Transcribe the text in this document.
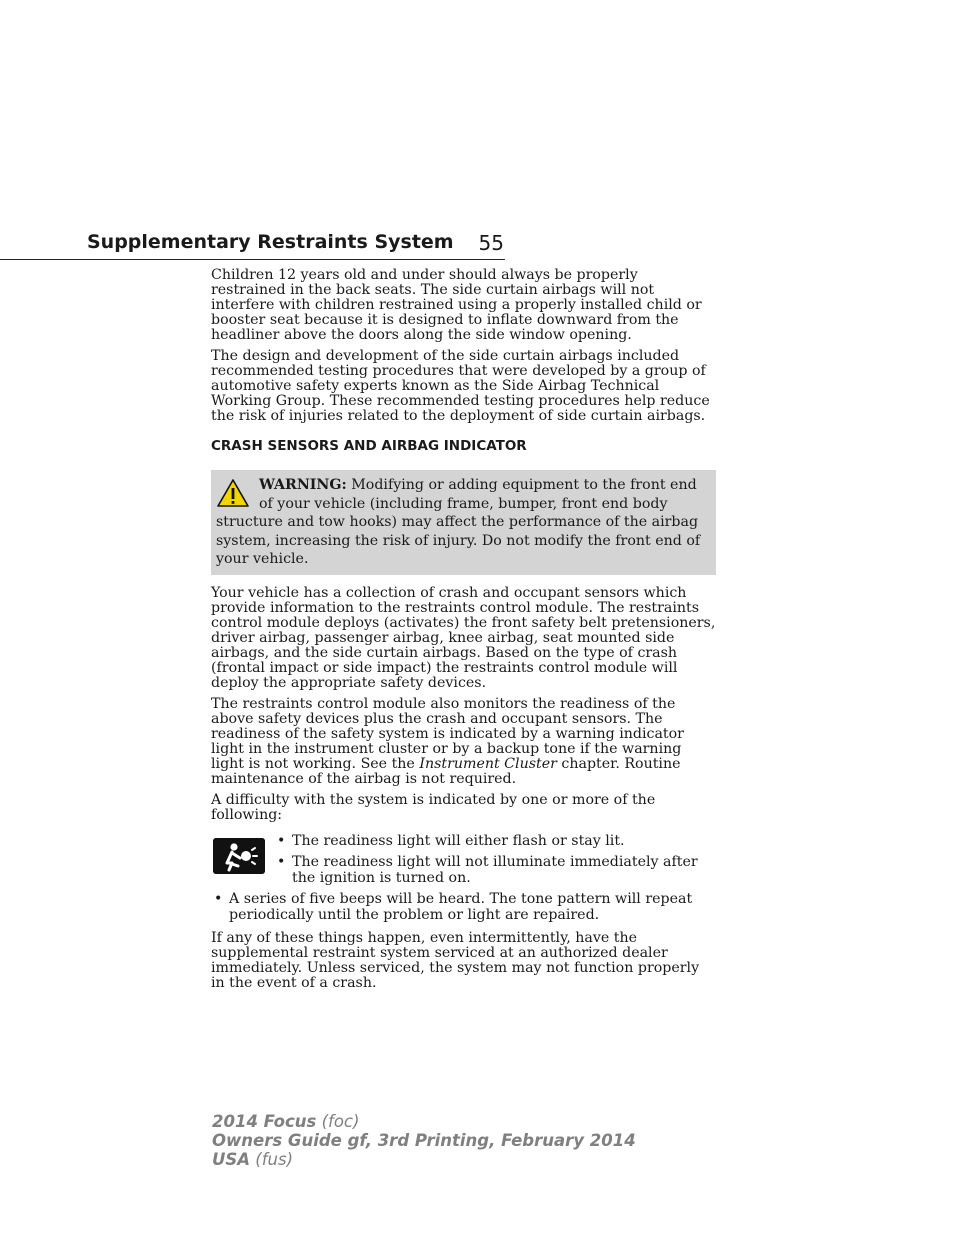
Supplementary Restraints System 55

Children 12 years old and under should always be properly restrained in the back seats. The side curtain airbags will not interfere with children restrained using a properly installed child or booster seat because it is designed to inflate downward from the headliner above the doors along the side window opening.

The design and development of the side curtain airbags included recommended testing procedures that were developed by a group of automotive safety experts known as the Side Airbag Technical Working Group. These recommended testing procedures help reduce the risk of injuries related to the deployment of side curtain airbags.

CRASH SENSORS AND AIRBAG INDICATOR
WARNING: Modifying or adding equipment to the front end of your vehicle (including frame, bumper, front end body structure and tow hooks) may affect the performance of the airbag system, increasing the risk of injury. Do not modify the front end of your vehicle.

Your vehicle has a collection of crash and occupant sensors which provide information to the restraints control module. The restraints control module deploys (activates) the front safety belt pretensioners, driver airbag, passenger airbag, knee airbag, seat mounted side airbags, and the side curtain airbags. Based on the type of crash (frontal impact or side impact) the restraints control module will deploy the appropriate safety devices.

The restraints control module also monitors the readiness of the above safety devices plus the crash and occupant sensors. The readiness of the safety system is indicated by a warning indicator light in the instrument cluster or by a backup tone if the warning light is not working. See the Instrument Cluster chapter. Routine maintenance of the airbag is not required.

A difficulty with the system is indicated by one or more of the following:

• The readiness light will either flash or stay lit.
• The readiness light will not illuminate immediately after the ignition is turned on.
• A series of five beeps will be heard. The tone pattern will repeat periodically until the problem or light are repaired.

If any of these things happen, even intermittently, have the supplemental restraint system serviced at an authorized dealer immediately. Unless serviced, the system may not function properly in the event of a crash.

2014 Focus (foc)
Owners Guide gf, 3rd Printing, February 2014
USA (fus)
